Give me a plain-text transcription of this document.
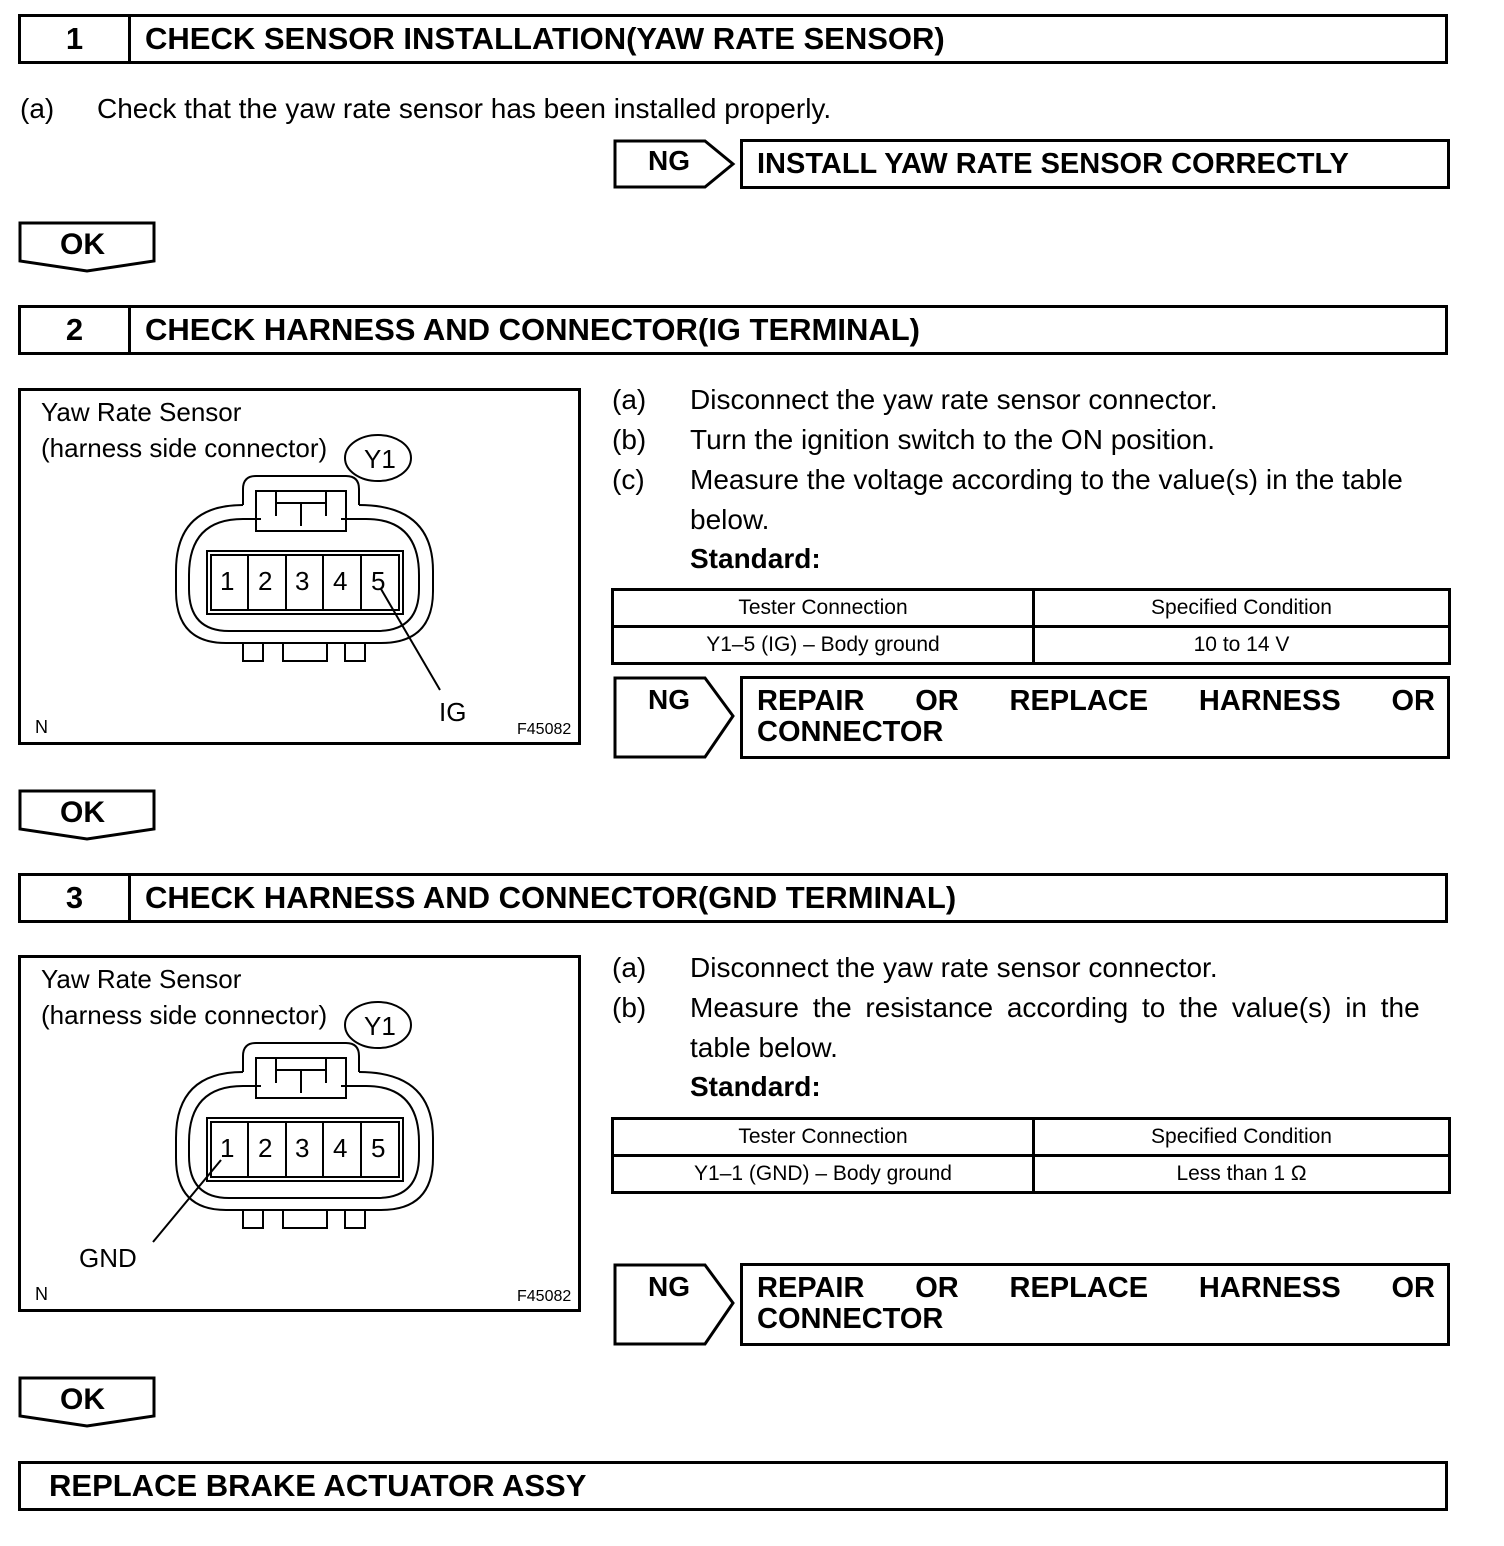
1	CHECK SENSOR INSTALLATION(YAW RATE SENSOR)
(a) Check that the yaw rate sensor has been installed properly.
NG INSTALL YAW RATE SENSOR CORRECTLY
OK
2	CHECK HARNESS AND CONNECTOR(IG TERMINAL)
Yaw Rate Sensor
(harness side connector) Y1
1 2 3 4 5
IG
N	F45082
(a) Disconnect the yaw rate sensor connector.
(b) Turn the ignition switch to the ON position.
(c) Measure the voltage according to the value(s) in the table
below.
Standard:
Tester Connection	Specified Condition
Y1–5 (IG) – Body ground	10 to 14 V
NG REPAIR OR REPLACE HARNESS OR
CONNECTOR
OK
3	CHECK HARNESS AND CONNECTOR(GND TERMINAL)
Yaw Rate Sensor
(harness side connector) Y1
1 2 3 4 5
GND
N	F45082
(a) Disconnect the yaw rate sensor connector.
(b) Measure the resistance according to the value(s) in the
table below.
Standard:
Tester Connection	Specified Condition
Y1–1 (GND) – Body ground	Less than 1 Ω
NG REPAIR OR REPLACE HARNESS OR
CONNECTOR
OK
REPLACE BRAKE ACTUATOR ASSY
